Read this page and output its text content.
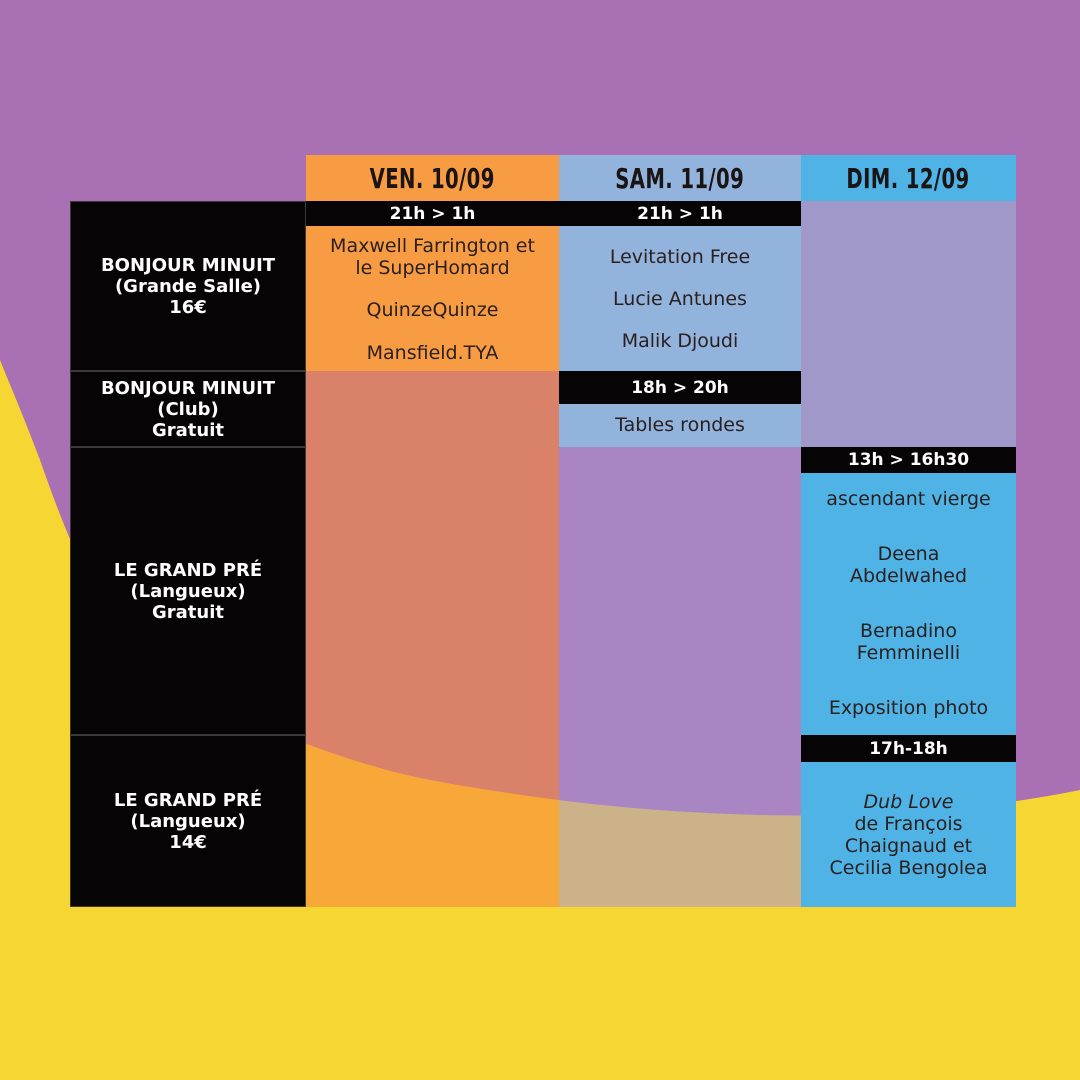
VEN. 10/09	SAM. 11/09	DIM. 12/09
BONJOUR MINUIT
(Grande Salle)
16€
BONJOUR MINUIT
(Club)
Gratuit
LE GRAND PRÉ
(Langueux)
Gratuit
LE GRAND PRÉ
(Langueux)
14€
21h > 1h
Maxwell Farrington et
le SuperHomard
QuinzeQuinze
Mansfield.TYA
21h > 1h
Levitation Free
Lucie Antunes
Malik Djoudi
18h > 20h
Tables rondes
13h > 16h30
ascendant vierge
Deena
Abdelwahed
Bernadino
Femminelli
Exposition photo
17h-18h
Dub Love
de François
Chaignaud et
Cecilia Bengolea
